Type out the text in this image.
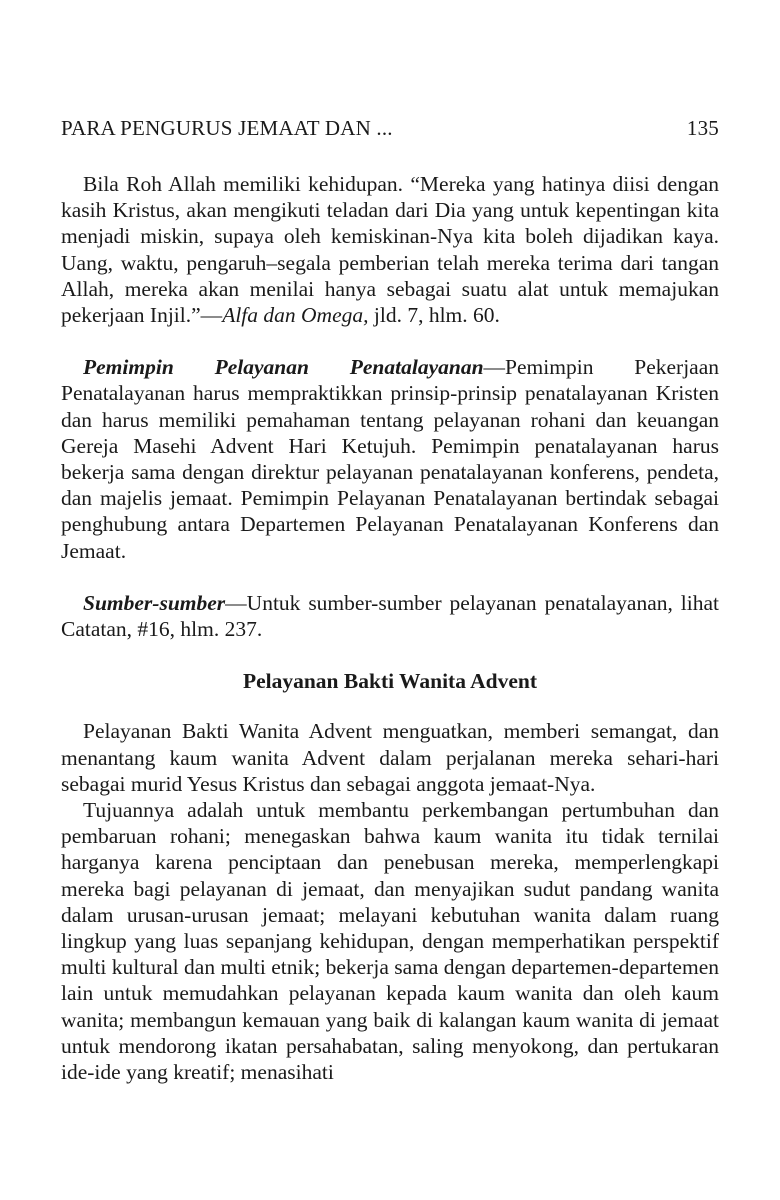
PARA PENGURUS JEMAAT DAN ...	135

Bila Roh Allah memiliki kehidupan. “Mereka yang hatinya diisi dengan kasih Kristus, akan mengikuti teladan dari Dia yang untuk kepentingan kita menjadi miskin, supaya oleh kemiskinan-Nya kita boleh dijadikan kaya. Uang, waktu, pengaruh–segala pemberian telah mereka terima dari tangan Allah, mereka akan menilai hanya sebagai suatu alat untuk memajukan pekerjaan Injil.”—Alfa dan Omega, jld. 7, hlm. 60.

Pemimpin Pelayanan Penatalayanan—Pemimpin Pekerjaan Penatalayanan harus mempraktikkan prinsip-prinsip penatalayanan Kristen dan harus memiliki pemahaman tentang pelayanan rohani dan keuangan Gereja Masehi Advent Hari Ketujuh. Pemimpin penatalayanan harus bekerja sama dengan direktur pelayanan penatalayanan konferens, pendeta, dan majelis jemaat. Pemimpin Pelayanan Penatalayanan bertindak sebagai penghubung antara Departemen Pelayanan Penatalayanan Konferens dan Jemaat.

Sumber-sumber—Untuk sumber-sumber pelayanan penatalayanan, lihat Catatan, #16, hlm. 237.

Pelayanan Bakti Wanita Advent

Pelayanan Bakti Wanita Advent menguatkan, memberi semangat, dan menantang kaum wanita Advent dalam perjalanan mereka sehari-hari sebagai murid Yesus Kristus dan sebagai anggota jemaat-Nya.

Tujuannya adalah untuk membantu perkembangan pertumbuhan dan pembaruan rohani; menegaskan bahwa kaum wanita itu tidak ternilai harganya karena penciptaan dan penebusan mereka, memperlengkapi mereka bagi pelayanan di jemaat, dan menyajikan sudut pandang wanita dalam urusan-urusan jemaat; melayani kebutuhan wanita dalam ruang lingkup yang luas sepanjang kehidupan, dengan memperhatikan perspektif multi kultural dan multi etnik; bekerja sama dengan departemen-departemen lain untuk memudahkan pelayanan kepada kaum wanita dan oleh kaum wanita; membangun kemauan yang baik di kalangan kaum wanita di jemaat untuk mendorong ikatan persahabatan, saling menyokong, dan pertukaran ide-ide yang kreatif; menasihati
